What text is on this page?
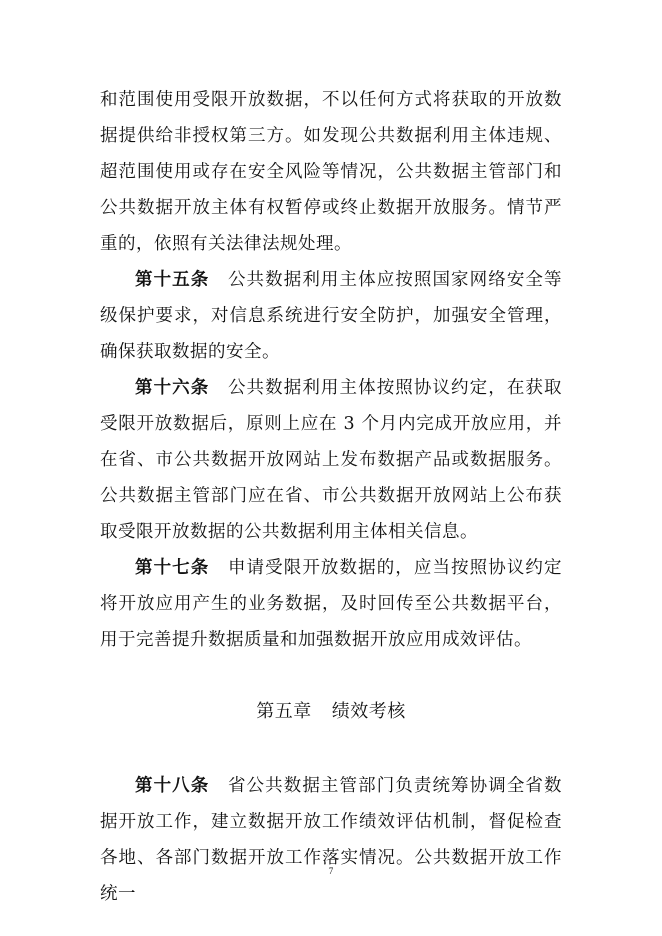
和范围使用受限开放数据，不以任何方式将获取的开放数据提供给非授权第三方。如发现公共数据利用主体违规、超范围使用或存在安全风险等情况，公共数据主管部门和公共数据开放主体有权暂停或终止数据开放服务。情节严重的，依照有关法律法规处理。

第十五条 公共数据利用主体应按照国家网络安全等级保护要求，对信息系统进行安全防护，加强安全管理，确保获取数据的安全。

第十六条 公共数据利用主体按照协议约定，在获取受限开放数据后，原则上应在 3 个月内完成开放应用，并在省、市公共数据开放网站上发布数据产品或数据服务。公共数据主管部门应在省、市公共数据开放网站上公布获取受限开放数据的公共数据利用主体相关信息。

第十七条 申请受限开放数据的，应当按照协议约定将开放应用产生的业务数据，及时回传至公共数据平台，用于完善提升数据质量和加强数据开放应用成效评估。

第五章 绩效考核

第十八条 省公共数据主管部门负责统筹协调全省数据开放工作，建立数据开放工作绩效评估机制，督促检查各地、各部门数据开放工作落实情况。公共数据开放工作统一

7
